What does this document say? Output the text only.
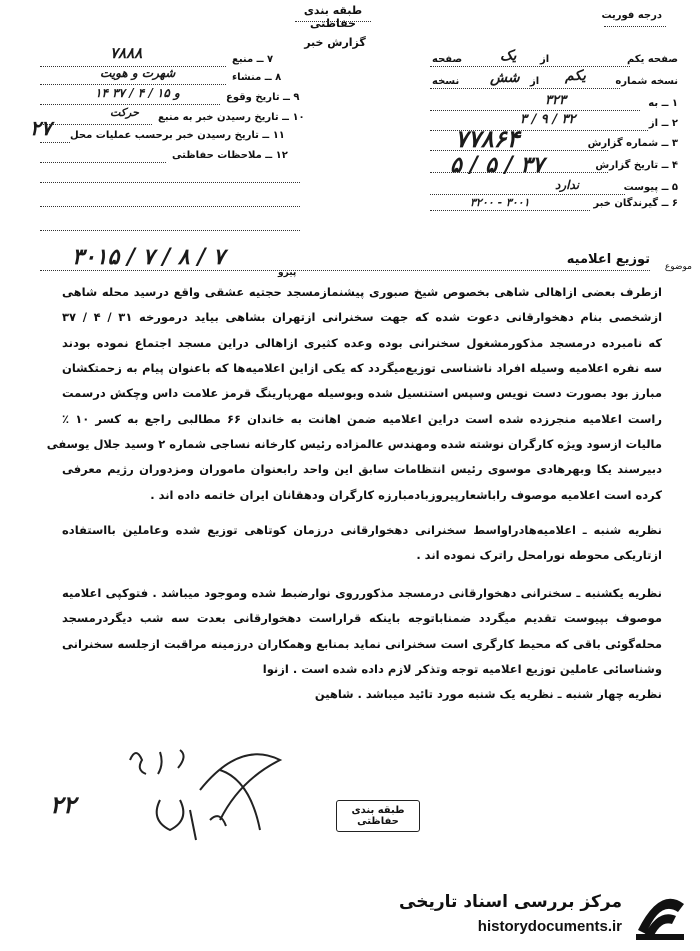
طبقه بندی حفاظتی
گزارش خبر
درجه فوریت
صفحه یکم
از
یک
صفحه
نسخه شماره
یکم
از
شش
نسخه
۱ ــ به
۳۲۳
۲ ــ از
۳ / ۹ / ۳۲
۳ ــ شماره گزارش
۷۷۸۶۴
۴ ــ تاریخ گزارش
۵ / ۵ / ۳۷
۵ ــ پیوست
ندارد
۶ ــ گیرندگان خبر
۳۲۰۰ - ۳۰۰۱
۷ ــ منبع
۷۸۸۸
۸ ــ منشاء
شهرت و هویت
۹ ــ تاریخ وقوع
۱۴ و ۱۵ / ۴ / ۳۷
۱۰ ــ تاریخ رسیدن خبر به منبع
حرکت
۱۱ ــ تاریخ رسیدن خبر برحسب عملیات محل
۲۷
۱۲ ــ ملاحظات حفاظتی
موضوع
توزیع اعلامیه
۳۰۱۵ / ۷ / ۸ / ۷
پیرو
ازطرف بعضی ازاهالی شاهی بخصوص شیخ صبوری پیشنمازمسجد حجتیه عشقی واقع درسید محله شاهی
ازشخصی بنام دهخوارقانی دعوت شده که جهت سخنرانی ازتهران بشاهی بیاید درمورخه ۳۱ / ۴ / ۳۷
که نامبرده درمسجد مذکورمشغول سخنرانی بوده وعده کثیری ازاهالی دراین مسجد اجتماع نموده بودند
سه نفره اعلامیه وسیله افراد ناشناسی توزیع‌میگردد که یکی ازاین اعلامیه‌ها که باعنوان پیام به زحمتکشان
مبارز بود بصورت دست نویس وسپس استنسیل شده وبوسیله مهرپارینگ قرمز علامت داس وچکش درسمت
راست اعلامیه منجرزده شده است دراین اعلامیه ضمن اهانت به خاندان ۶۶ مطالبی راجع به کسر ۱۰ ٪
مالیات ازسود ویژه کارگران نوشته شده ومهندس عالمزاده رئیس کارخانه نساجی شماره ۲ وسید جلال یوسفی
دبیرسند یکا وبهرهادی موسوی رئیس انتظامات سابق این واحد رابعنوان ماموران ومزدوران رژیم معرفی
کرده است اعلامیه موصوف راباشعارپیروزبادمبارزه کارگران ودهقانان ایران خاتمه داده اند .
نظریه شنبه ـ اعلامیه‌هادراواسط سخنرانی دهخوارقانی درزمان کوتاهی توزیع شده وعاملین بااستفاده
ازتاریکی محوطه نورامحل راترک نموده اند .
نظریه یکشنبه ـ سخنرانی دهخوارقانی درمسجد مذکورروی نوارضبط شده وموجود میباشد . فتوکپی اعلامیه
موصوف بپیوست تقدیم میگردد ضمناباتوجه باینکه قراراست دهخوارقانی بعدت سه شب دیگردرمسجد
محله‌گوئی باقی که محیط کارگری است سخنرانی نماید بمنابع وهمکاران درزمینه مراقبت ازجلسه سخنرانی
وشناسائی عاملین توزیع اعلامیه توجه وتذکر لازم داده شده است . ازنوا
نظریه چهار شنبه ـ نظریه یک شنبه مورد تائید میباشد . شاهین
طبقه بندی حفاظتی
۲۲
مرکز بررسی اسناد تاریخی
historydocuments.ir
